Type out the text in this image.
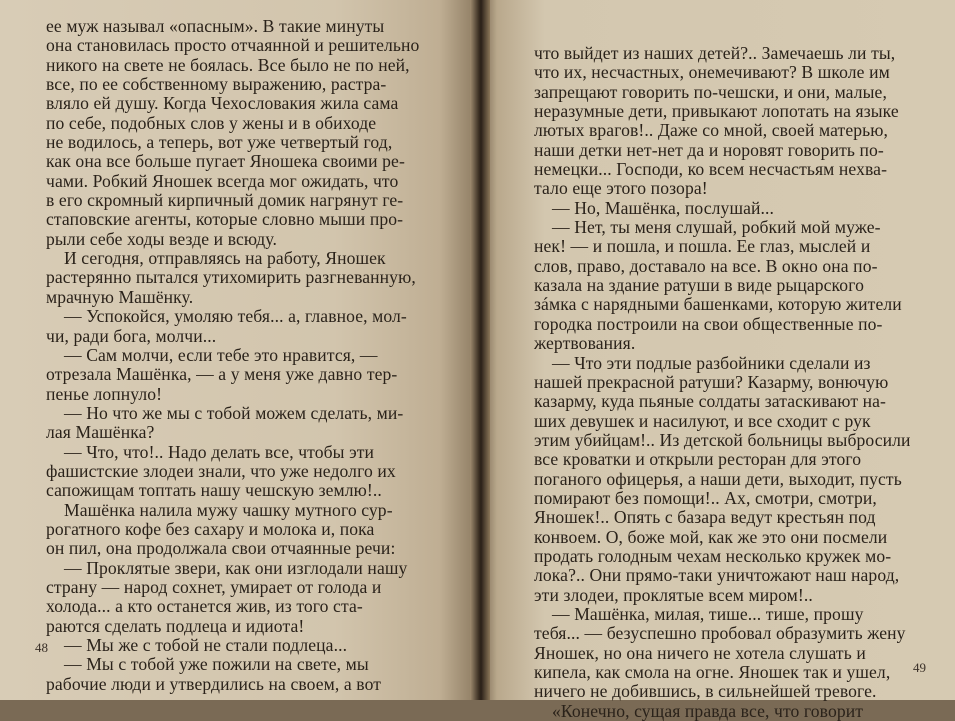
ее муж называл «опасным». В такие минуты
она становилась просто отчаянной и решительно
никого на свете не боялась. Все было не по ней,
все, по ее собственному выражению, растра-
вляло ей душу. Когда Чехословакия жила сама
по себе, подобных слов у жены и в обиходе
не водилось, а теперь, вот уже четвертый год,
как она все больше пугает Яношека своими ре-
чами. Робкий Яношек всегда мог ожидать, что
в его скромный кирпичный домик нагрянут ге-
стаповские агенты, которые словно мыши про-
рыли себе ходы везде и всюду.
И сегодня, отправляясь на работу, Яношек
растерянно пытался утихомирить разгневанную,
мрачную Машёнку.
— Успокойся, умоляю тебя... а, главное, мол-
чи, ради бога, молчи...
— Сам молчи, если тебе это нравится, —
отрезала Машёнка, — а у меня уже давно тер-
пенье лопнуло!
— Но что же мы с тобой можем сделать, ми-
лая Машёнка?
— Что, что!.. Надо делать все, чтобы эти
фашистские злодеи знали, что уже недолго их
сапожищам топтать нашу чешскую землю!..
Машёнка налила мужу чашку мутного сур-
рогатного кофе без сахару и молока и, пока
он пил, она продолжала свои отчаянные речи:
— Проклятые звери, как они изглодали нашу
страну — народ сохнет, умирает от голода и
холода... а кто останется жив, из того ста-
раются сделать подлеца и идиота!
— Мы же с тобой не стали подлеца...
— Мы с тобой уже пожили на свете, мы
рабочие люди и утвердились на своем, а вот
48
что выйдет из наших детей?.. Замечаешь ли ты,
что их, несчастных, онемечивают? В школе им
запрещают говорить по-чешски, и они, малые,
неразумные дети, привыкают лопотать на языке
лютых врагов!.. Даже со мной, своей матерью,
наши детки нет-нет да и норовят говорить по-
немецки... Господи, ко всем несчастьям нехва-
тало еще этого позора!
— Но, Машёнка, послушай...
— Нет, ты меня слушай, робкий мой муже-
нек! — и пошла, и пошла. Ее глаз, мыслей и
слов, право, доставало на все. В окно она по-
казала на здание ратуши в виде рыцарского
зáмка с нарядными башенками, которую жители
городка построили на свои общественные по-
жертвования.
— Что эти подлые разбойники сделали из
нашей прекрасной ратуши? Казарму, вонючую
казарму, куда пьяные солдаты затаскивают на-
ших девушек и насилуют, и все сходит с рук
этим убийцам!.. Из детской больницы выбросили
все кроватки и открыли ресторан для этого
поганого офицерья, а наши дети, выходит, пусть
помирают без помощи!.. Ах, смотри, смотри,
Яношек!.. Опять с базара ведут крестьян под
конвоем. О, боже мой, как же это они посмели
продать голодным чехам несколько кружек мо-
лока?.. Они прямо-таки уничтожают наш народ,
эти злодеи, проклятые всем миром!..
— Машёнка, милая, тише... тише, прошу
тебя... — безуспешно пробовал образумить жену
Яношек, но она ничего не хотела слушать и
кипела, как смола на огне. Яношек так и ушел,
ничего не добившись, в сильнейшей тревоге.
«Конечно, сущая правда все, что говорит
49
